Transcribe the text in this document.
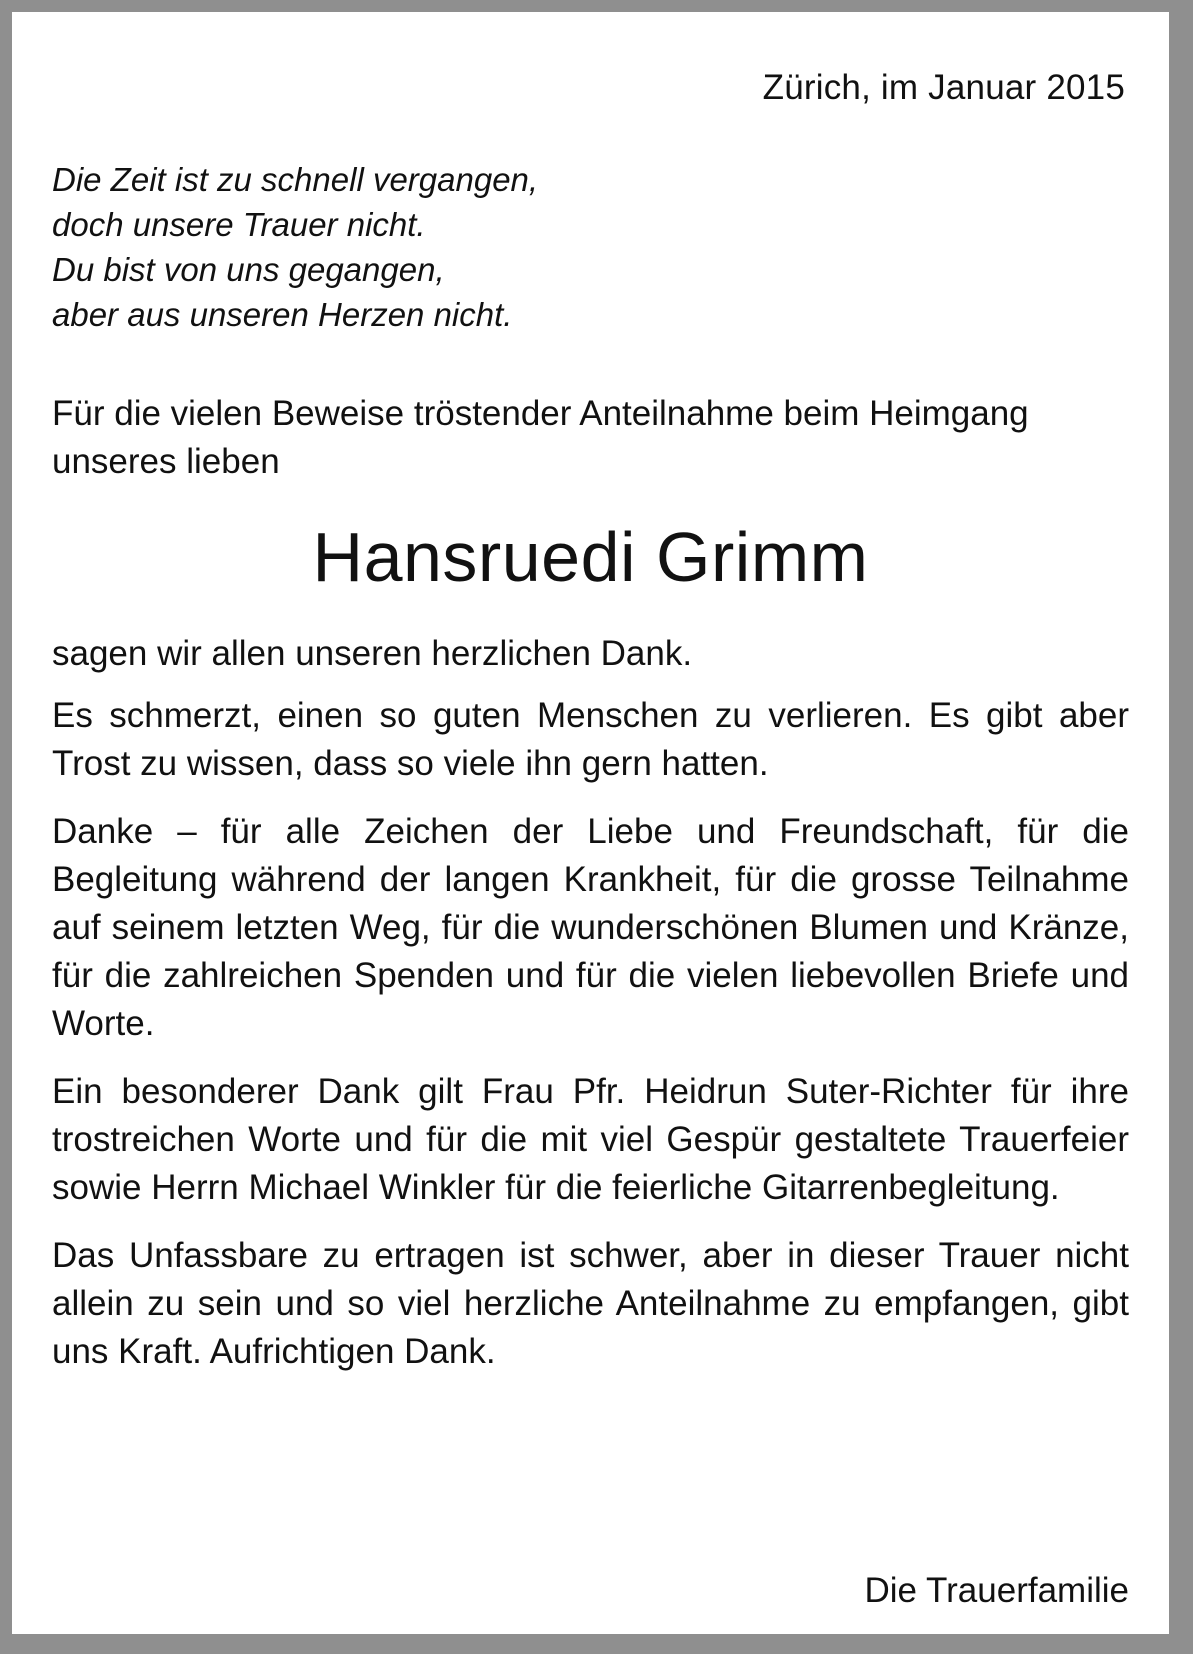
Zürich, im Januar 2015

Die Zeit ist zu schnell vergangen,
doch unsere Trauer nicht.
Du bist von uns gegangen,
aber aus unseren Herzen nicht.

Für die vielen Beweise tröstender Anteilnahme beim Heimgang unseres lieben

Hansruedi Grimm

sagen wir allen unseren herzlichen Dank.

Es schmerzt, einen so guten Menschen zu verlieren. Es gibt aber Trost zu wissen, dass so viele ihn gern hatten.

Danke – für alle Zeichen der Liebe und Freundschaft, für die Begleitung während der langen Krankheit, für die grosse Teilnahme auf seinem letzten Weg, für die wunderschönen Blumen und Kränze, für die zahlreichen Spenden und für die vielen liebevollen Briefe und Worte.

Ein besonderer Dank gilt Frau Pfr. Heidrun Suter-Richter für ihre trostreichen Worte und für die mit viel Gespür gestaltete Trauerfeier sowie Herrn Michael Winkler für die feierliche Gitarrenbegleitung.

Das Unfassbare zu ertragen ist schwer, aber in dieser Trauer nicht allein zu sein und so viel herzliche Anteilnahme zu empfangen, gibt uns Kraft. Aufrichtigen Dank.

Die Trauerfamilie
